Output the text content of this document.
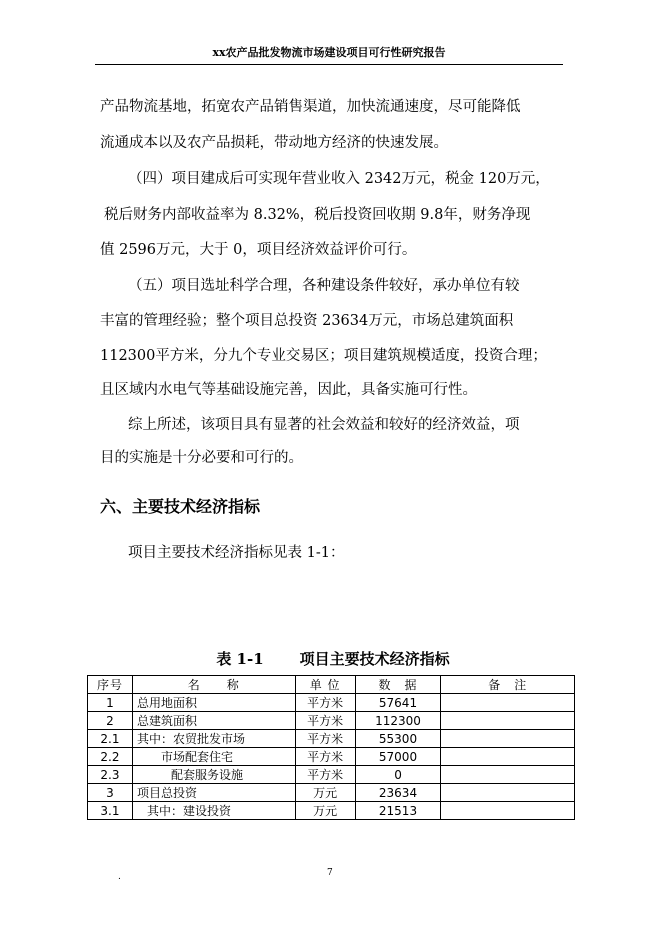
xx农产品批发物流市场建设项目可行性研究报告
产品物流基地，拓宽农产品销售渠道，加快流通速度，尽可能降低
流通成本以及农产品损耗，带动地方经济的快速发展。
（四）项目建成后可实现年营业收入 2342万元，税金 120万元，
税后财务内部收益率为 8.32%，税后投资回收期 9.8年，财务净现
值 2596万元，大于 0，项目经济效益评价可行。
（五）项目选址科学合理，各种建设条件较好，承办单位有较
丰富的管理经验；整个项目总投资 23634万元，市场总建筑面积
112300平方米，分九个专业交易区；项目建筑规模适度，投资合理；
且区域内水电气等基础设施完善，因此，具备实施可行性。
综上所述，该项目具有显著的社会效益和较好的经济效益，项
目的实施是十分必要和可行的。
六、主要技术经济指标
项目主要技术经济指标见表 1-1：
表 1-1 项目主要技术经济指标
序号	名　　称	单 位	数　据	备　注
1	总用地面积	平方米	57641	
2	总建筑面积	平方米	112300	
2.1	其中：农贸批发市场	平方米	55300	
2.2	市场配套住宅	平方米	57000	
2.3	配套服务设施	平方米	0	
3	项目总投资	万元	23634	
3.1	其中：建设投资	万元	21513	
.	7
